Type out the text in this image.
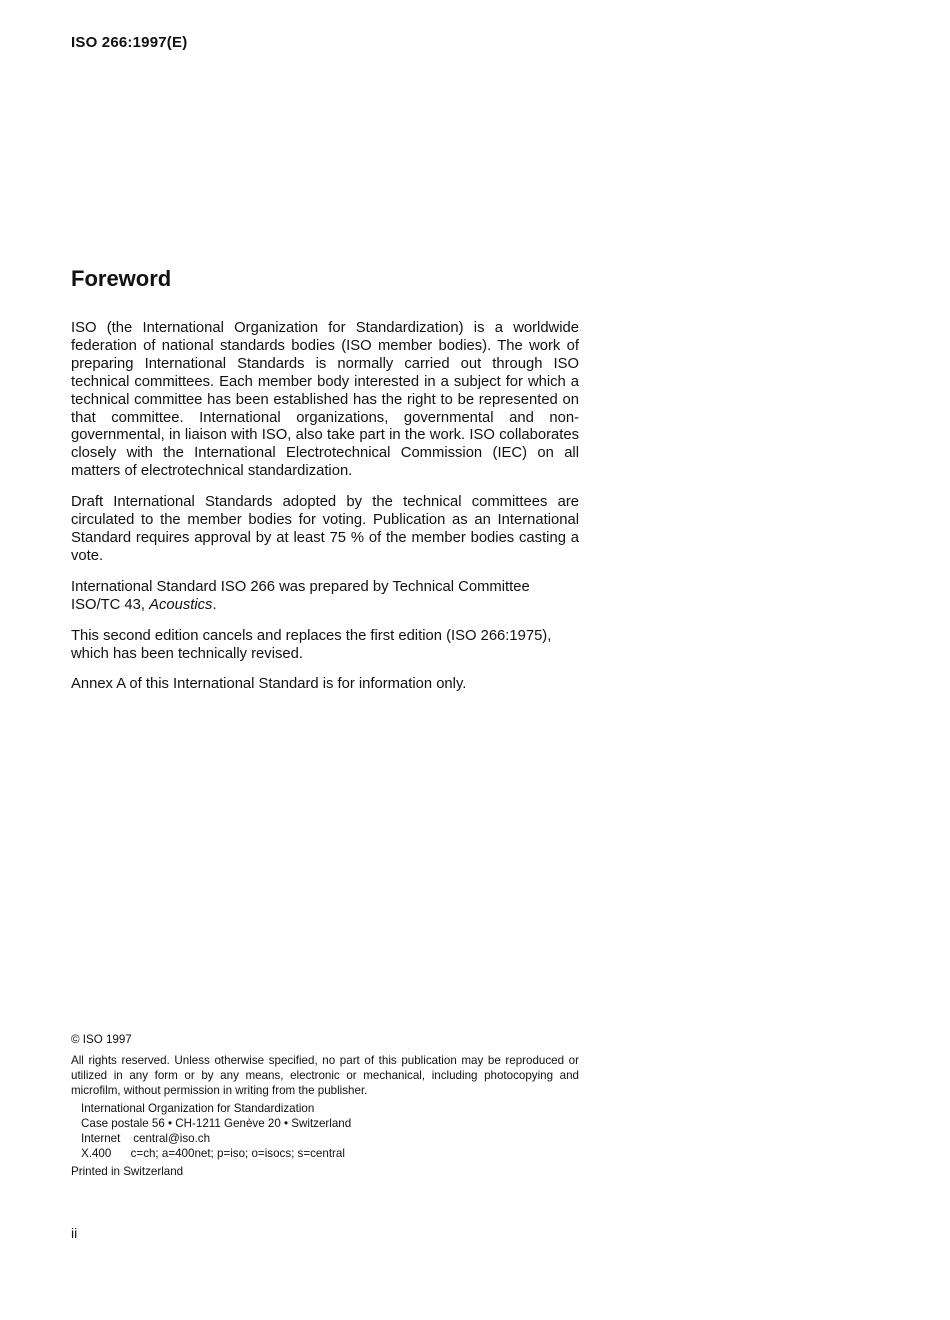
ISO 266:1997(E)
Foreword

ISO (the International Organization for Standardization) is a worldwide federation of national standards bodies (ISO member bodies). The work of preparing International Standards is normally carried out through ISO technical committees. Each member body interested in a subject for which a technical committee has been established has the right to be represented on that committee. International organizations, governmental and nongovernmental, in liaison with ISO, also take part in the work. ISO collaborates closely with the International Electrotechnical Commission (IEC) on all matters of electrotechnical standardization.

Draft International Standards adopted by the technical committees are circulated to the member bodies for voting. Publication as an International Standard requires approval by at least 75 % of the member bodies casting a vote.

International Standard ISO 266 was prepared by Technical Committee ISO/TC 43, Acoustics.

This second edition cancels and replaces the first edition (ISO 266:1975), which has been technically revised.

Annex A of this International Standard is for information only.

© ISO 1997
All rights reserved. Unless otherwise specified, no part of this publication may be reproduced or utilized in any form or by any means, electronic or mechanical, including photocopying and microfilm, without permission in writing from the publisher.
International Organization for Standardization
Case postale 56 • CH-1211 Genève 20 • Switzerland
Internet    central@iso.ch
X.400      c=ch; a=400net; p=iso; o=isocs; s=central
Printed in Switzerland
ii
